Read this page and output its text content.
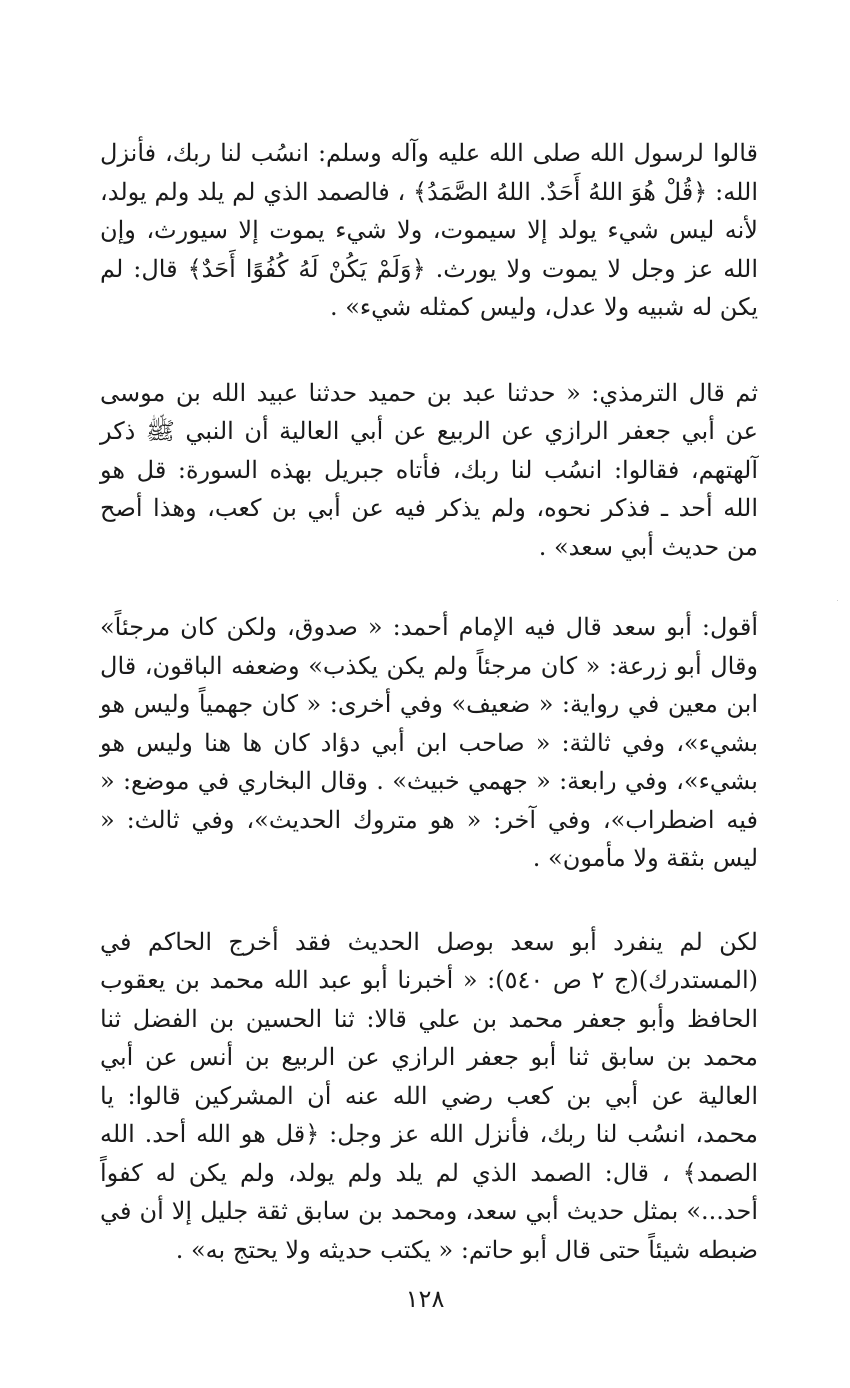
قالوا لرسول الله صلى الله عليه وآله وسلم: انسُب لنا ربك، فأنزل الله: ﴿قُلْ هُوَ اللهُ أَحَدٌ. اللهُ الصَّمَدُ﴾ ، فالصمد الذي لم يلد ولم يولد، لأنه ليس شيء يولد إلا سيموت، ولا شيء يموت إلا سيورث، وإن الله عز وجل لا يموت ولا يورث. ﴿وَلَمْ يَكُنْ لَهُ كُفُوًا أَحَدٌ﴾ قال: لم يكن له شبيه ولا عدل، وليس كمثله شيء» .

ثم قال الترمذي: « حدثنا عبد بن حميد حدثنا عبيد الله بن موسى عن أبي جعفر الرازي عن الربيع عن أبي العالية أن النبي ﷺ ذكر آلهتهم، فقالوا: انسُب لنا ربك، فأتاه جبريل بهذه السورة: قل هو الله أحد ـ فذكر نحوه، ولم يذكر فيه عن أبي بن كعب، وهذا أصح من حديث أبي سعد» .

أقول: أبو سعد قال فيه الإمام أحمد: « صدوق، ولكن كان مرجئاً» وقال أبو زرعة: « كان مرجئاً ولم يكن يكذب» وضعفه الباقون، قال ابن معين في رواية: « ضعيف» وفي أخرى: « كان جهمياً وليس هو بشيء»، وفي ثالثة: « صاحب ابن أبي دؤاد كان ها هنا وليس هو بشيء»، وفي رابعة: « جهمي خبيث» . وقال البخاري في موضع: « فيه اضطراب»، وفي آخر: « هو متروك الحديث»، وفي ثالث: « ليس بثقة ولا مأمون» .

لكن لم ينفرد أبو سعد بوصل الحديث فقد أخرج الحاكم في (المستدرك)(ج ٢ ص ٥٤٠): « أخبرنا أبو عبد الله محمد بن يعقوب الحافظ وأبو جعفر محمد بن علي قالا: ثنا الحسين بن الفضل ثنا محمد بن سابق ثنا أبو جعفر الرازي عن الربيع بن أنس عن أبي العالية عن أبي بن كعب رضي الله عنه أن المشركين قالوا: يا محمد، انسُب لنا ربك، فأنزل الله عز وجل: ﴿قل هو الله أحد. الله الصمد﴾ ، قال: الصمد الذي لم يلد ولم يولد، ولم يكن له كفواً أحد...» بمثل حديث أبي سعد، ومحمد بن سابق ثقة جليل إلا أن في ضبطه شيئاً حتى قال أبو حاتم: « يكتب حديثه ولا يحتج به» .

١٢٨
